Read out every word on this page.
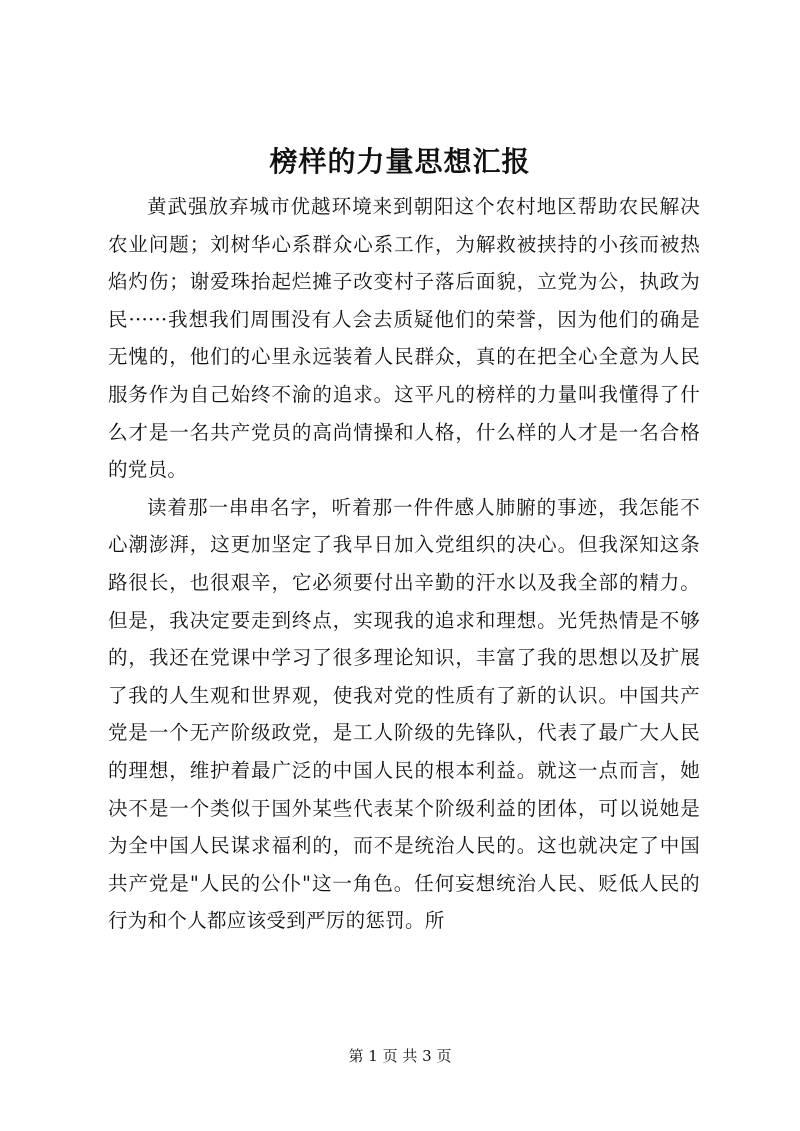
榜样的力量思想汇报

黄武强放弃城市优越环境来到朝阳这个农村地区帮助农民解决农业问题；刘树华心系群众心系工作，为解救被挟持的小孩而被热焰灼伤；谢爱珠抬起烂摊子改变村子落后面貌，立党为公，执政为民······我想我们周围没有人会去质疑他们的荣誉，因为他们的确是无愧的，他们的心里永远装着人民群众，真的在把全心全意为人民服务作为自己始终不渝的追求。这平凡的榜样的力量叫我懂得了什么才是一名共产党员的高尚情操和人格，什么样的人才是一名合格的党员。

读着那一串串名字，听着那一件件感人肺腑的事迹，我怎能不心潮澎湃，这更加坚定了我早日加入党组织的决心。但我深知这条路很长，也很艰辛，它必须要付出辛勤的汗水以及我全部的精力。但是，我决定要走到终点，实现我的追求和理想。光凭热情是不够的，我还在党课中学习了很多理论知识，丰富了我的思想以及扩展了我的人生观和世界观，使我对党的性质有了新的认识。中国共产党是一个无产阶级政党，是工人阶级的先锋队，代表了最广大人民的理想，维护着最广泛的中国人民的根本利益。就这一点而言，她决不是一个类似于国外某些代表某个阶级利益的团体，可以说她是为全中国人民谋求福利的，而不是统治人民的。这也就决定了中国共产党是"人民的公仆"这一角色。任何妄想统治人民、贬低人民的行为和个人都应该受到严厉的惩罚。所

第 1 页 共 3 页
